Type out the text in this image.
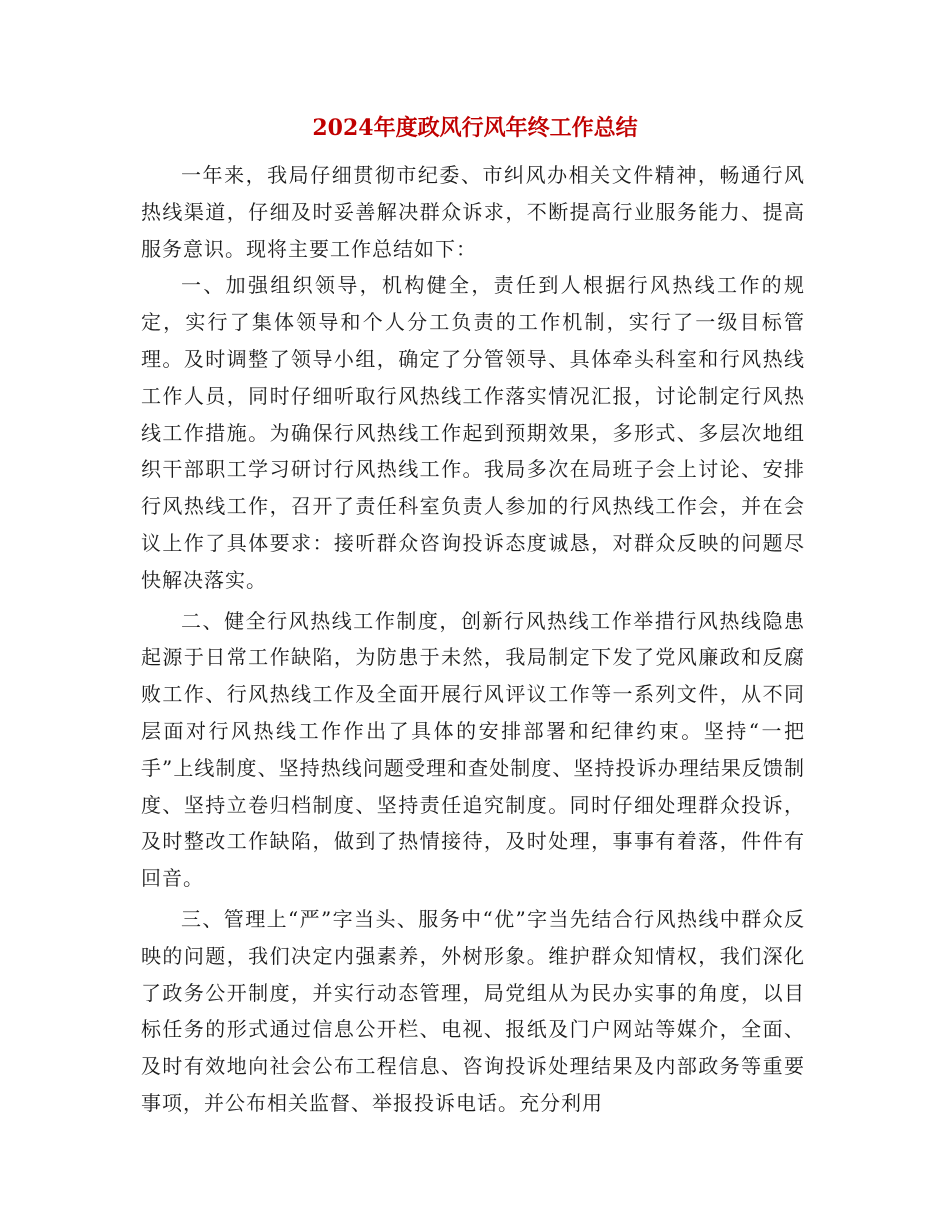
2024年度政风行风年终工作总结

一年来，我局仔细贯彻市纪委、市纠风办相关文件精神，畅通行风热线渠道，仔细及时妥善解决群众诉求，不断提高行业服务能力、提高服务意识。现将主要工作总结如下：

一、加强组织领导，机构健全，责任到人根据行风热线工作的规定，实行了集体领导和个人分工负责的工作机制，实行了一级目标管理。及时调整了领导小组，确定了分管领导、具体牵头科室和行风热线工作人员，同时仔细听取行风热线工作落实情况汇报，讨论制定行风热线工作措施。为确保行风热线工作起到预期效果，多形式、多层次地组织干部职工学习研讨行风热线工作。我局多次在局班子会上讨论、安排行风热线工作，召开了责任科室负责人参加的行风热线工作会，并在会议上作了具体要求：接听群众咨询投诉态度诚恳，对群众反映的问题尽快解决落实。

二、健全行风热线工作制度，创新行风热线工作举措行风热线隐患起源于日常工作缺陷，为防患于未然，我局制定下发了党风廉政和反腐败工作、行风热线工作及全面开展行风评议工作等一系列文件，从不同层面对行风热线工作作出了具体的安排部署和纪律约束。坚持“一把手”上线制度、坚持热线问题受理和查处制度、坚持投诉办理结果反馈制度、坚持立卷归档制度、坚持责任追究制度。同时仔细处理群众投诉，及时整改工作缺陷，做到了热情接待，及时处理，事事有着落，件件有回音。

三、管理上“严”字当头、服务中“优”字当先结合行风热线中群众反映的问题，我们决定内强素养，外树形象。维护群众知情权，我们深化了政务公开制度，并实行动态管理，局党组从为民办实事的角度，以目标任务的形式通过信息公开栏、电视、报纸及门户网站等媒介，全面、及时有效地向社会公布工程信息、咨询投诉处理结果及内部政务等重要事项，并公布相关监督、举报投诉电话。充分利用
